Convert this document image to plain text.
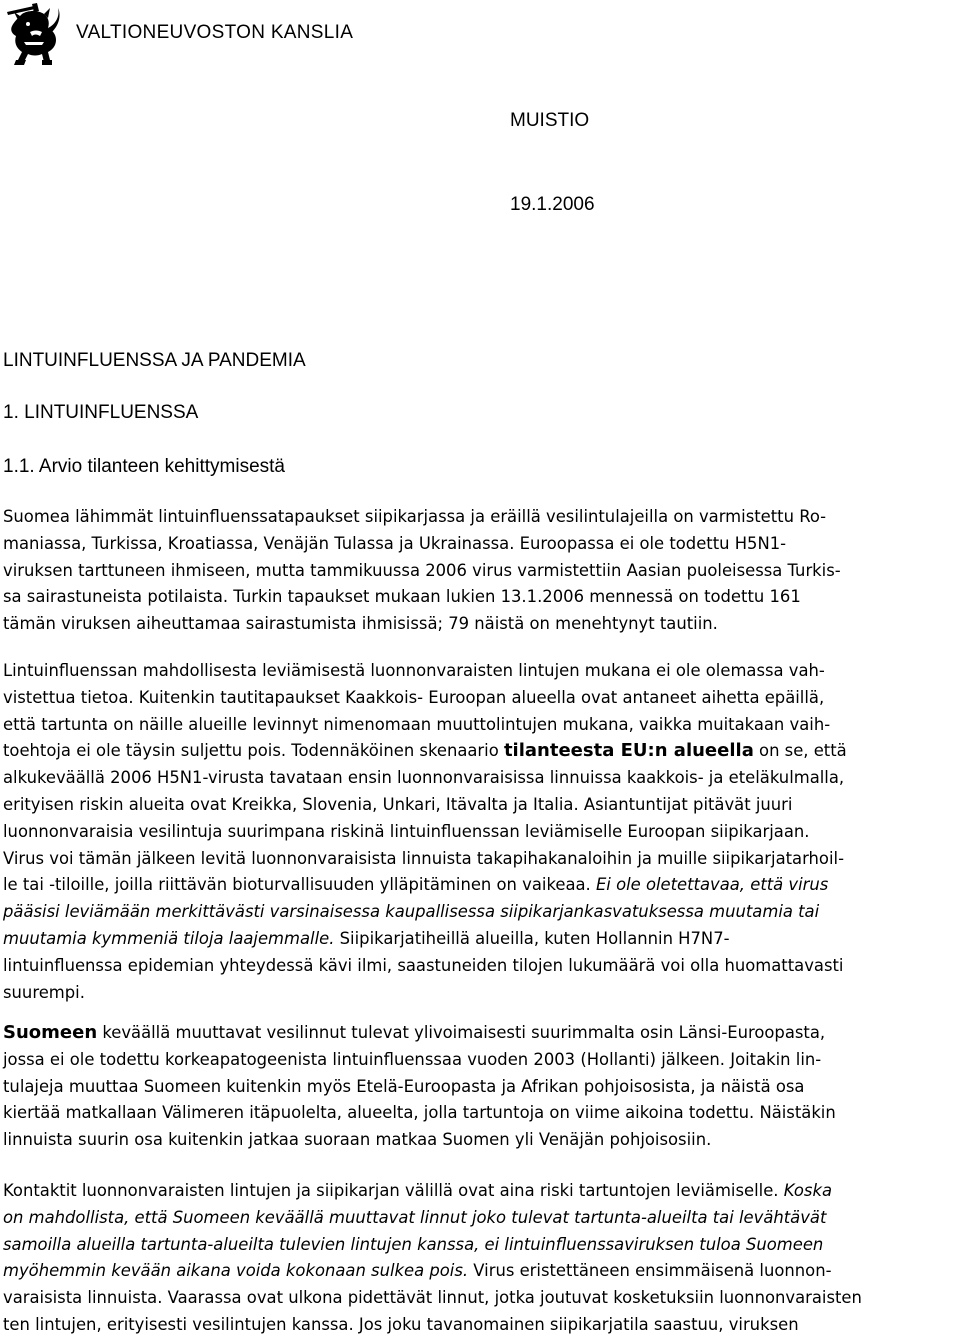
VALTIONEUVOSTON KANSLIA
MUISTIO
19.1.2006
LINTUINFLUENSSA JA PANDEMIA
1. LINTUINFLUENSSA
1.1. Arvio tilanteen kehittymisestä
Suomea lähimmät lintuinfluenssatapaukset siipikarjassa ja eräillä vesilintulajeilla on varmistettu Ro-
maniassa, Turkissa, Kroatiassa, Venäjän Tulassa ja Ukrainassa. Euroopassa ei ole todettu H5N1-
viruksen tarttuneen ihmiseen, mutta tammikuussa 2006 virus varmistettiin Aasian puoleisessa Turkis-
sa sairastuneista potilaista. Turkin tapaukset mukaan lukien 13.1.2006 mennessä on todettu 161
tämän viruksen aiheuttamaa sairastumista ihmisissä; 79 näistä on menehtynyt tautiin.
Lintuinfluenssan mahdollisesta leviämisestä luonnonvaraisten lintujen mukana ei ole olemassa vah-
vistettua tietoa. Kuitenkin tautitapaukset Kaakkois- Euroopan alueella ovat antaneet aihetta epäillä,
että tartunta on näille alueille levinnyt nimenomaan muuttolintujen mukana, vaikka muitakaan vaih-
toehtoja ei ole täysin suljettu pois. Todennäköinen skenaario tilanteesta EU:n alueella on se, että
alkukeväällä 2006 H5N1-virusta tavataan ensin luonnonvaraisissa linnuissa kaakkois- ja eteläkulmalla,
erityisen riskin alueita ovat Kreikka, Slovenia, Unkari, Itävalta ja Italia. Asiantuntijat pitävät juuri
luonnonvaraisia vesilintuja suurimpana riskinä lintuinfluenssan leviämiselle Euroopan siipikarjaan.
Virus voi tämän jälkeen levitä luonnonvaraisista linnuista takapihakanaloihin ja muille siipikarjatarhoil-
le tai -tiloille, joilla riittävän bioturvallisuuden ylläpitäminen on vaikeaa. Ei ole oletettavaa, että virus
pääsisi leviämään merkittävästi varsinaisessa kaupallisessa siipikarjankasvatuksessa muutamia tai
muutamia kymmeniä tiloja laajemmalle. Siipikarjatiheillä alueilla, kuten Hollannin H7N7-
lintuinfluenssa epidemian yhteydessä kävi ilmi, saastuneiden tilojen lukumäärä voi olla huomattavasti
suurempi.
Suomeen keväällä muuttavat vesilinnut tulevat ylivoimaisesti suurimmalta osin Länsi-Euroopasta,
jossa ei ole todettu korkeapatogeenista lintuinfluenssaa vuoden 2003 (Hollanti) jälkeen. Joitakin lin-
tulajeja muuttaa Suomeen kuitenkin myös Etelä-Euroopasta ja Afrikan pohjoisosista, ja näistä osa
kiertää matkallaan Välimeren itäpuolelta, alueelta, jolla tartuntoja on viime aikoina todettu. Näistäkin
linnuista suurin osa kuitenkin jatkaa suoraan matkaa Suomen yli Venäjän pohjoisosiin.
Kontaktit luonnonvaraisten lintujen ja siipikarjan välillä ovat aina riski tartuntojen leviämiselle. Koska
on mahdollista, että Suomeen keväällä muuttavat linnut joko tulevat tartunta-alueilta tai levähtävät
samoilla alueilla tartunta-alueilta tulevien lintujen kanssa, ei lintuinfluenssaviruksen tuloa Suomeen
myöhemmin kevään aikana voida kokonaan sulkea pois. Virus eristettäneen ensimmäisenä luonnon-
varaisista linnuista. Vaarassa ovat ulkona pidettävät linnut, jotka joutuvat kosketuksiin luonnonvaraisten
ten lintujen, erityisesti vesilintujen kanssa. Jos joku tavanomainen siipikarjatila saastuu, viruksen
